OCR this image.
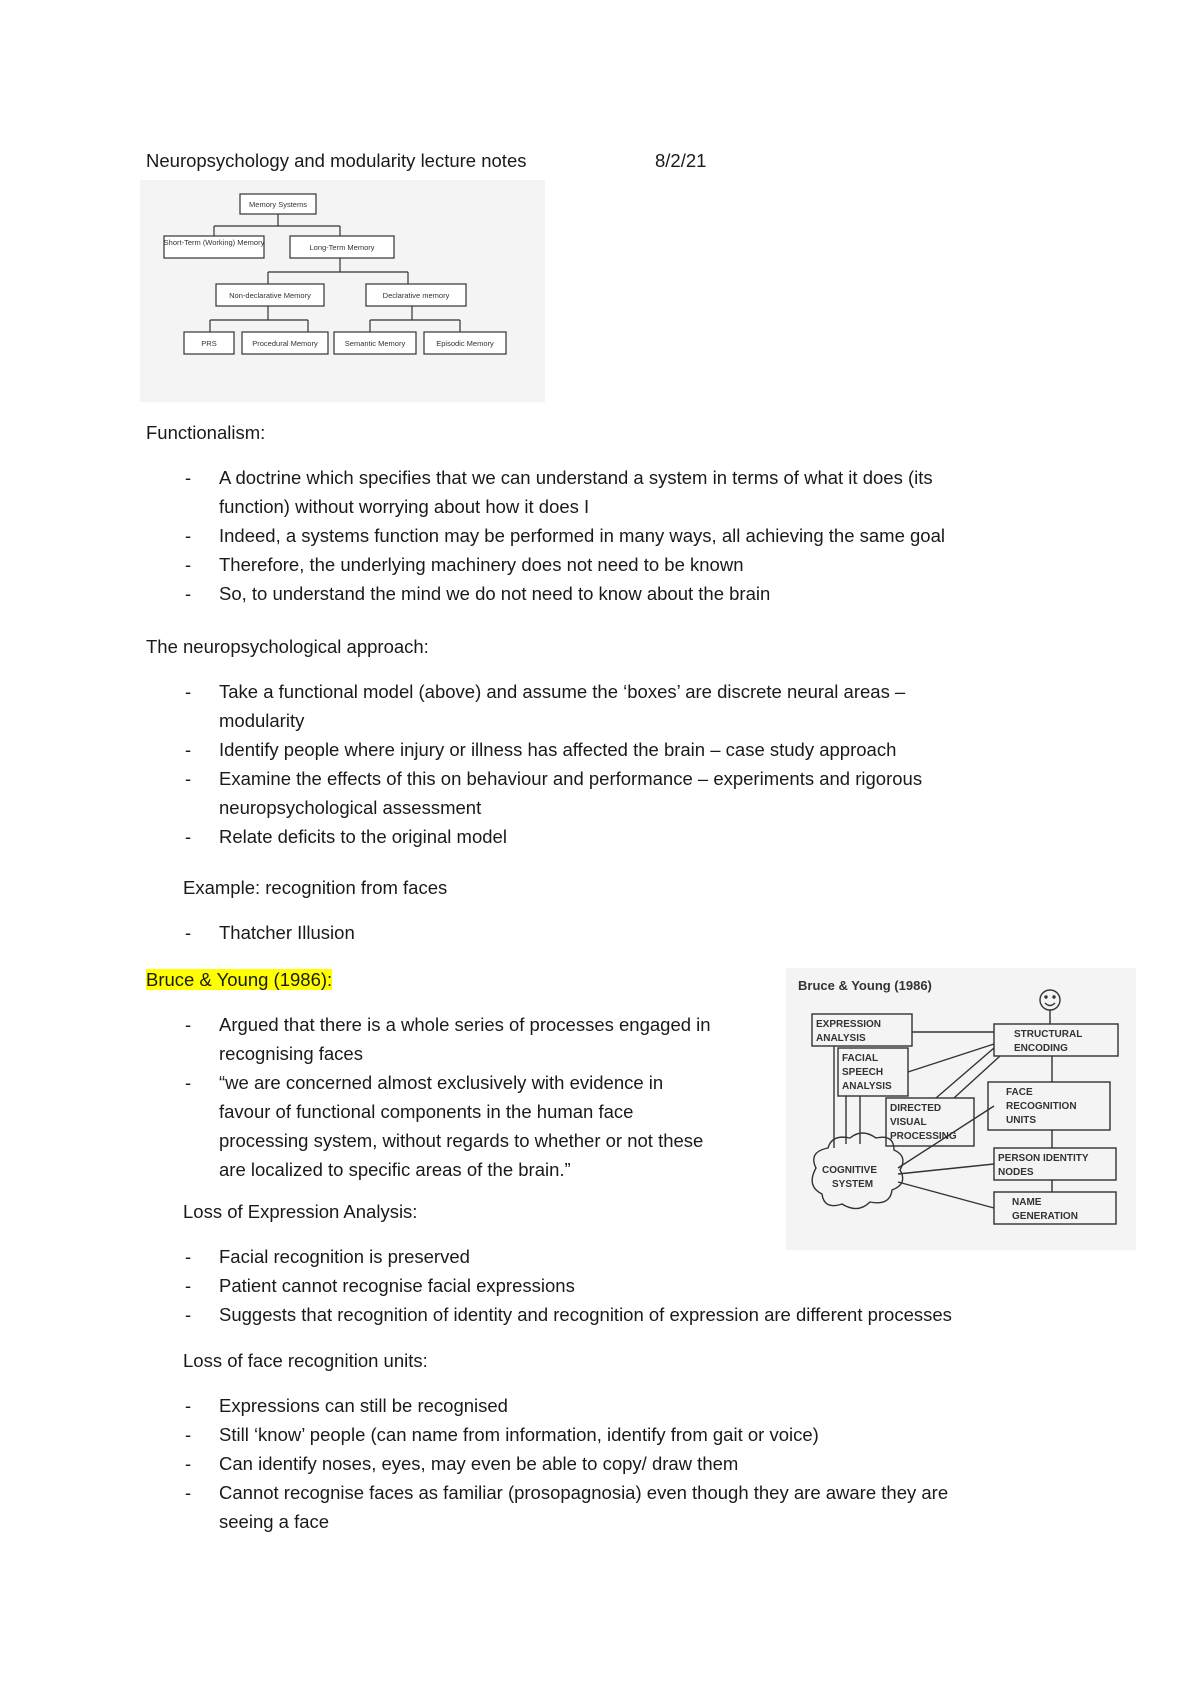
Neuropsychology and modularity lecture notes	8/2/21
Memory Systems
Short-Term (Working) Memory
Long-Term Memory
Non-declarative Memory	Declarative memory
PRS	Procedural Memory	Semantic Memory	Episodic Memory
Functionalism:
- A doctrine which specifies that we can understand a system in terms of what it does (its
function) without worrying about how it does I
- Indeed, a systems function may be performed in many ways, all achieving the same goal
- Therefore, the underlying machinery does not need to be known
- So, to understand the mind we do not need to know about the brain
The neuropsychological approach:
- Take a functional model (above) and assume the ‘boxes’ are discrete neural areas –
modularity
- Identify people where injury or illness has affected the brain – case study approach
- Examine the effects of this on behaviour and performance – experiments and rigorous
neuropsychological assessment
- Relate deficits to the original model
Example: recognition from faces
- Thatcher Illusion
Bruce & Young (1986):
- Argued that there is a whole series of processes engaged in
recognising faces
- “we are concerned almost exclusively with evidence in
favour of functional components in the human face
processing system, without regards to whether or not these
are localized to specific areas of the brain.”
Bruce & Young (1986)
EXPRESSION
ANALYSIS
FACIAL
SPEECH
ANALYSIS
DIRECTED
VISUAL
PROCESSING
COGNITIVE
SYSTEM
STRUCTURAL
ENCODING
FACE
RECOGNITION
UNITS
PERSON IDENTITY
NODES
NAME
GENERATION
Loss of Expression Analysis:
- Facial recognition is preserved
- Patient cannot recognise facial expressions
- Suggests that recognition of identity and recognition of expression are different processes
Loss of face recognition units:
- Expressions can still be recognised
- Still ‘know’ people (can name from information, identify from gait or voice)
- Can identify noses, eyes, may even be able to copy/ draw them
- Cannot recognise faces as familiar (prosopagnosia) even though they are aware they are
seeing a face
